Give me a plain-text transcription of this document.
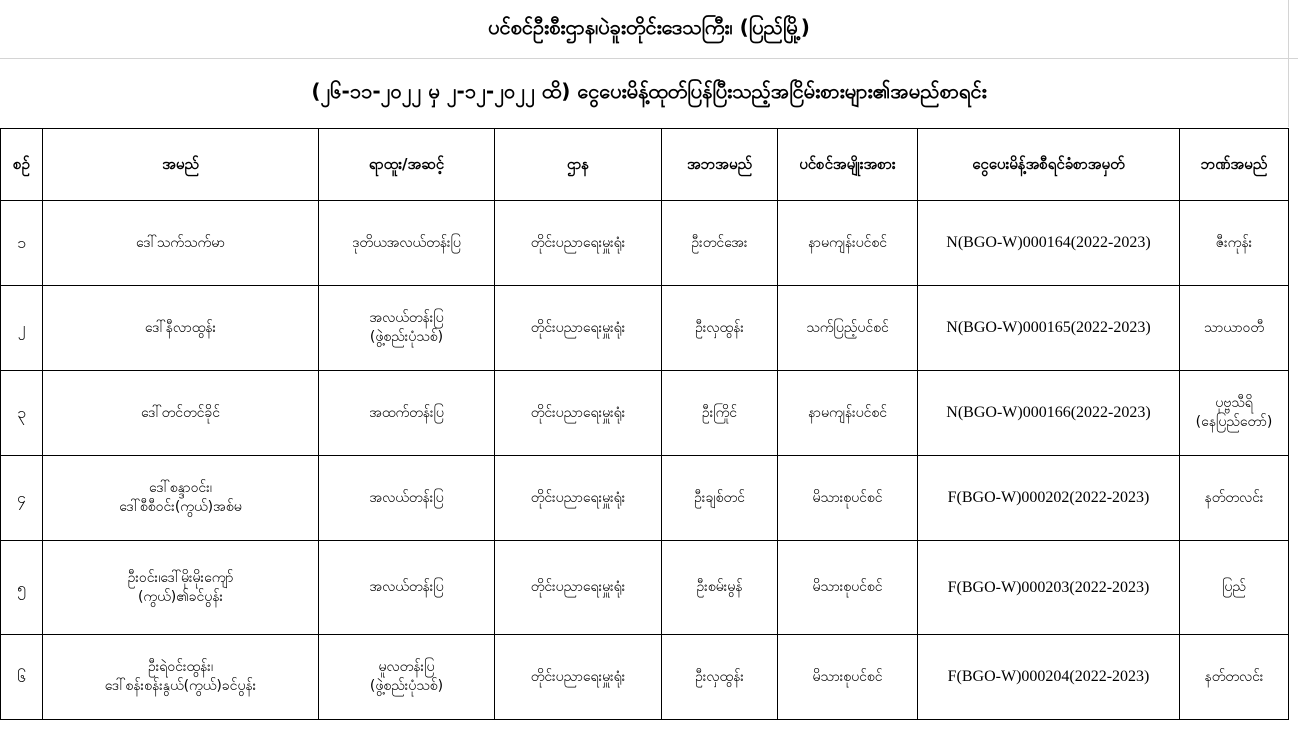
ပင်စင်ဦးစီးဌာန၊ပဲခူးတိုင်းဒေသကြီး၊ (ပြည်မြို့)
(၂၆-၁၁-၂၀၂၂ မှ ၂-၁၂-၂၀၂၂ ထိ) ငွေပေးမိန့်ထုတ်ပြန်ပြီးသည့်အငြိမ်းစားများ၏အမည်စာရင်း
စဉ်	အမည်	ရာထူး/အဆင့်	ဌာန	အဘအမည်	ပင်စင်အမျိုးအစား	ငွေပေးမိန့်အစီရင်ခံစာအမှတ်	ဘဏ်အမည်
၁	ဒေါ်သက်သက်မာ	ဒုတိယအလယ်တန်းပြ	တိုင်းပညာရေးမှူးရုံး	ဦးတင်အေး	နာမကျန်းပင်စင်	N(BGO-W)000164(2022-2023)	ဇီးကုန်း

၂	ဒေါ်နီလာထွန်း	အလယ်တန်းပြ
(ဖွဲ့စည်းပုံသစ်)	တိုင်းပညာရေးမှူးရုံး	ဦးလှထွန်း	သက်ပြည့်ပင်စင်	N(BGO-W)000165(2022-2023)	သာယာဝတီ

၃	ဒေါ်တင်တင်ခိုင်	အထက်တန်းပြ	တိုင်းပညာရေးမှူးရုံး	ဦးကြိုင်	နာမကျန်းပင်စင်	N(BGO-W)000166(2022-2023)	ပုဗ္ဗသီရိ
(နေပြည်တော်)

၄	ဒေါ်စန္ဒာဝင်း၊
ဒေါ်စီစီဝင်း(ကွယ်)အစ်မ	အလယ်တန်းပြ	တိုင်းပညာရေးမှူးရုံး	ဦးချစ်တင်	မိသားစုပင်စင်	F(BGO-W)000202(2022-2023)	နတ်တလင်း

၅	ဦးဝင်း၊ဒေါ်မိုးမိုးကျော်
(ကွယ်)၏ခင်ပွန်း	အလယ်တန်းပြ	တိုင်းပညာရေးမှူးရုံး	ဦးစမ်းမွန်	မိသားစုပင်စင်	F(BGO-W)000203(2022-2023)	ပြည်

၆	ဦးရဲဝင်းထွန်း၊
ဒေါ်စန်းစန်းနွယ်(ကွယ်)ခင်ပွန်း	မူလတန်းပြ
(ဖွဲ့စည်းပုံသစ်)	တိုင်းပညာရေးမှူးရုံး	ဦးလှထွန်း	မိသားစုပင်စင်	F(BGO-W)000204(2022-2023)	နတ်တလင်း
